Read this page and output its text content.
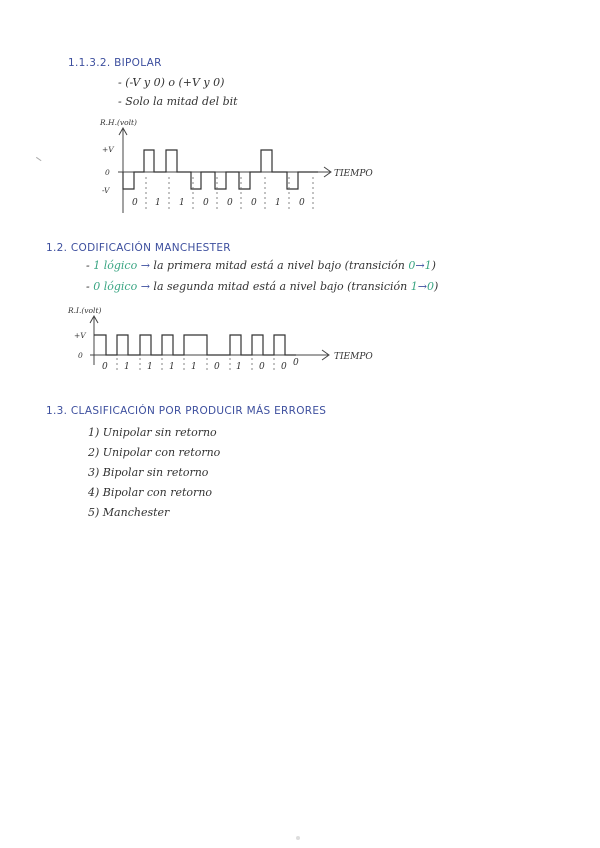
1.1.3.2. BIPOLAR
- (-V y 0) o (+V y 0)
- Solo la mitad del bit
R.H.(volt)
+V
0
-V
TIEMPO
0 1 1 0 0 0 1 0
1.2. CODIFICACIÓN MANCHESTER
- 1 lógico → la primera mitad está a nivel bajo (transición 0→1)
- 0 lógico → la segunda mitad está a nivel bajo (transición 1→0)
R.I.(volt)
+V
0	TIEMPO
0 1 1 1 1 0 1 0 0 0
1.3. CLASIFICACIÓN POR PRODUCIR MÁS ERRORES
1) Unipolar sin retorno
2) Unipolar con retorno
3) Bipolar sin retorno
4) Bipolar con retorno
5) Manchester
